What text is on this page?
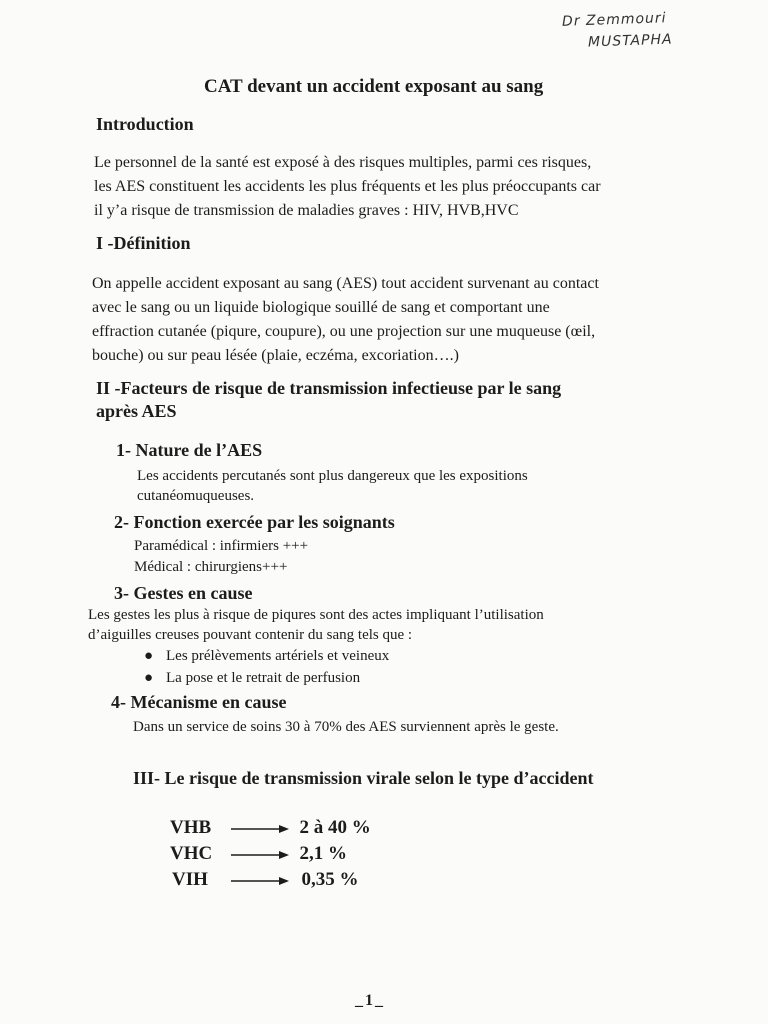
Dr Zemmouri
MUSTAPHA
CAT devant un accident exposant au sang
Introduction

Le personnel de la santé est exposé à des risques multiples, parmi ces risques,

les AES constituent les accidents les plus fréquents et les plus préoccupants car

il y’a risque de transmission de maladies graves : HIV, HVB,HVC

I -Définition

On appelle accident exposant au sang (AES) tout accident survenant au contact

avec le sang ou un liquide biologique souillé de sang et comportant une

effraction cutanée (piqure, coupure), ou une projection sur une muqueuse (œil,

bouche) ou sur peau lésée (plaie, eczéma, excoriation….)

II -Facteurs de risque de transmission infectieuse par le sang
après AES
1- Nature de l’AES
Les accidents percutanés sont plus dangereux que les expositions
cutanéomuqueuses.
2- Fonction exercée par les soignants
Paramédical : infirmiers +++
Médical : chirurgiens+++
3- Gestes en cause
Les gestes les plus à risque de piqures sont des actes impliquant l’utilisation
d’aiguilles creuses pouvant contenir du sang tels que :
● Les prélèvements artériels et veineux
● La pose et le retrait de perfusion
4- Mécanisme en cause
Dans un service de soins 30 à 70% des AES surviennent après le geste.
III- Le risque de transmission virale selon le type d’accident
VHB	2 à 40 %
VHC	2,1 %
VIH	0,35 %
_1_
